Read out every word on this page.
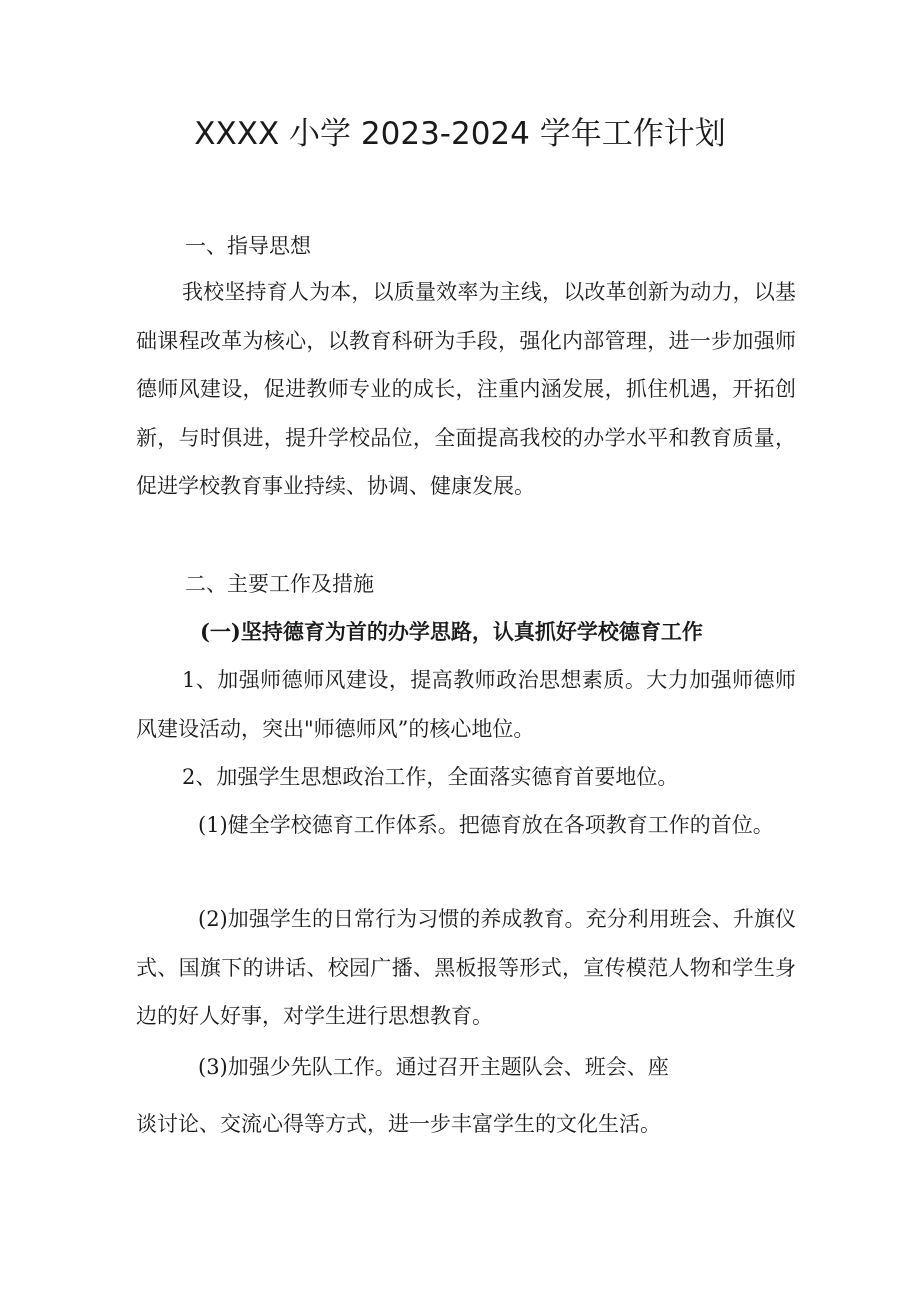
XXXX 小学 2023-2024 学年工作计划
一、指导思想

我校坚持育人为本，以质量效率为主线，以改革创新为动力，以基础课程改革为核心，以教育科研为手段，强化内部管理，进一步加强师德师风建设，促进教师专业的成长，注重内涵发展，抓住机遇，开拓创新，与时俱进，提升学校品位，全面提高我校的办学水平和教育质量，促进学校教育事业持续、协调、健康发展。

二、主要工作及措施
(一)坚持德育为首的办学思路，认真抓好学校德育工作

1、加强师德师风建设，提高教师政治思想素质。大力加强师德师风建设活动，突出"师德师风”的核心地位。

2、加强学生思想政治工作，全面落实德育首要地位。

(1)健全学校德育工作体系。把德育放在各项教育工作的首位。

(2)加强学生的日常行为习惯的养成教育。充分利用班会、升旗仪式、国旗下的讲话、校园广播、黑板报等形式，宣传模范人物和学生身边的好人好事，对学生进行思想教育。

(3)加强少先队工作。通过召开主题队会、班会、座
谈讨论、交流心得等方式，进一步丰富学生的文化生活。
